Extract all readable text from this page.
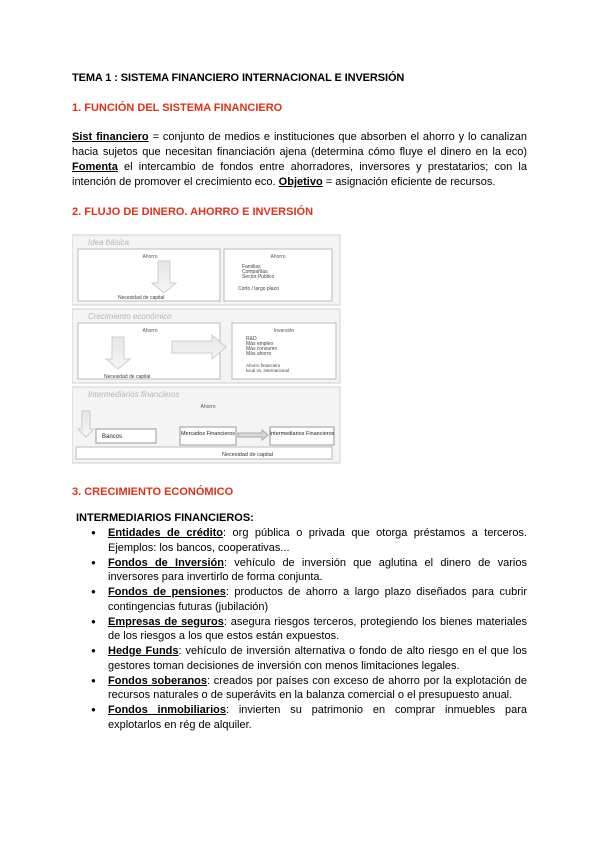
TEMA 1 : SISTEMA FINANCIERO INTERNACIONAL E INVERSIÓN
1. FUNCIÓN DEL SISTEMA FINANCIERO
Sist financiero = conjunto de medios e instituciones que absorben el ahorro y lo canalizan hacia sujetos que necesitan financiación ajena (determina cómo fluye el dinero en la eco) Fomenta el intercambio de fondos entre ahorradores, inversores y prestatarios; con la intención de promover el crecimiento eco. Objetivo = asignación eficiente de recursos.
2. FLUJO DE DINERO. AHORRO E INVERSIÓN
Idea básica
Ahorro	Ahorro
Familias
Compañías
Sector Público
Necesidad de capital
Corto / largo plazo
Crecimiento económico
Ahorro	Inversión
R&D
Más empleo
Más consumo
Más ahorro
Ahorro financiero
local vs. internacional
Necesidad de capital
Intermediarios financieros
Ahorro
Bancos	Mercados Financieros	Intermediarios Financieros
Necesidad de capital
3. CRECIMIENTO ECONÓMICO
INTERMEDIARIOS FINANCIEROS:
● Entidades de crédito: org pública o privada que otorga préstamos a terceros. Ejemplos: los bancos, cooperativas...
● Fondos de Inversión: vehículo de inversión que aglutina el dinero de varios inversores para invertirlo de forma conjunta.
● Fondos de pensiones: productos de ahorro a largo plazo diseñados para cubrir contingencias futuras (jubilación)
● Empresas de seguros: asegura riesgos terceros, protegiendo los bienes materiales de los riesgos a los que estos están expuestos.
● Hedge Funds: vehículo de inversión alternativa o fondo de alto riesgo en el que los gestores toman decisiones de inversión con menos limitaciones legales.
● Fondos soberanos: creados por países con exceso de ahorro por la explotación de recursos naturales o de superávits en la balanza comercial o el presupuesto anual.
● Fondos inmobiliarios: invierten su patrimonio en comprar inmuebles para explotarlos en rég de alquiler.
